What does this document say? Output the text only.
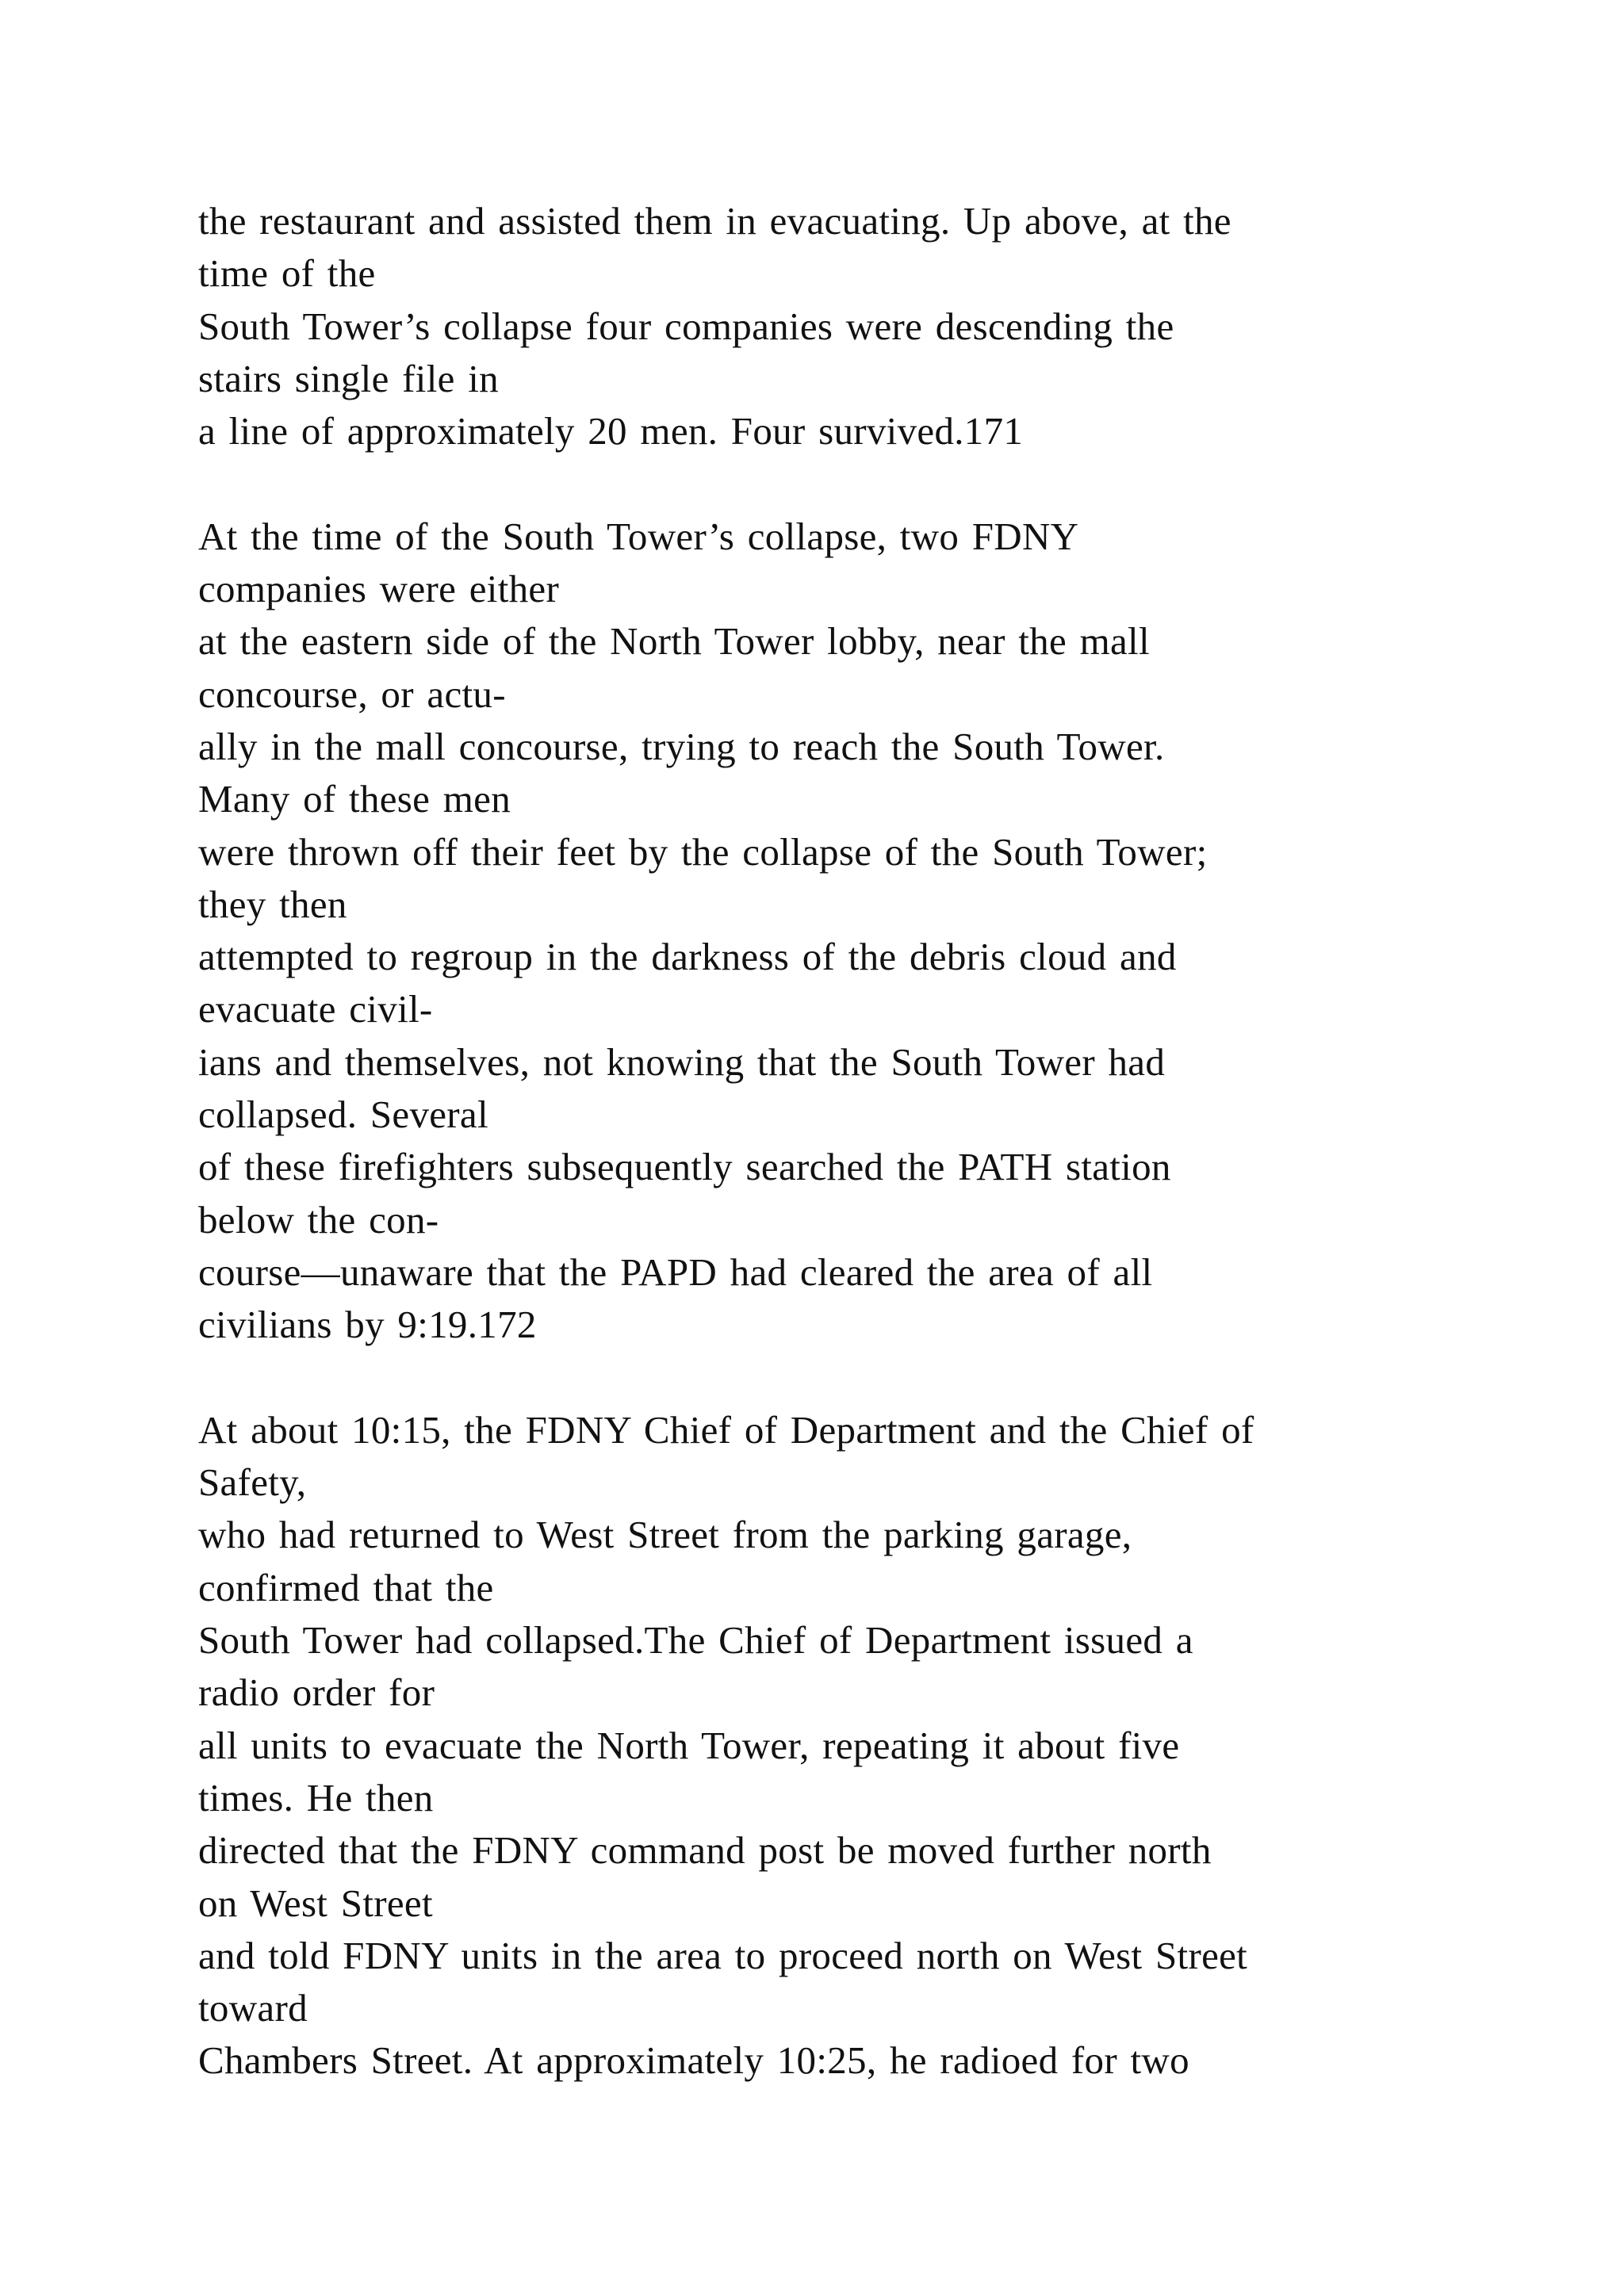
the restaurant and assisted them in evacuating. Up above, at the
time of the
South Tower’s collapse four companies were descending the
stairs single file in
a line of approximately 20 men. Four survived.171
At the time of the South Tower’s collapse, two FDNY
companies were either
at the eastern side of the North Tower lobby, near the mall
concourse, or actu-
ally in the mall concourse, trying to reach the South Tower.
Many of these men
were thrown off their feet by the collapse of the South Tower;
they then
attempted to regroup in the darkness of the debris cloud and
evacuate civil-
ians and themselves, not knowing that the South Tower had
collapsed. Several
of these firefighters subsequently searched the PATH station
below the con-
course—unaware that the PAPD had cleared the area of all
civilians by 9:19.172
At about 10:15, the FDNY Chief of Department and the Chief of
Safety,
who had returned to West Street from the parking garage,
confirmed that the
South Tower had collapsed.The Chief of Department issued a
radio order for
all units to evacuate the North Tower, repeating it about five
times. He then
directed that the FDNY command post be moved further north
on West Street
and told FDNY units in the area to proceed north on West Street
toward
Chambers Street. At approximately 10:25, he radioed for two
